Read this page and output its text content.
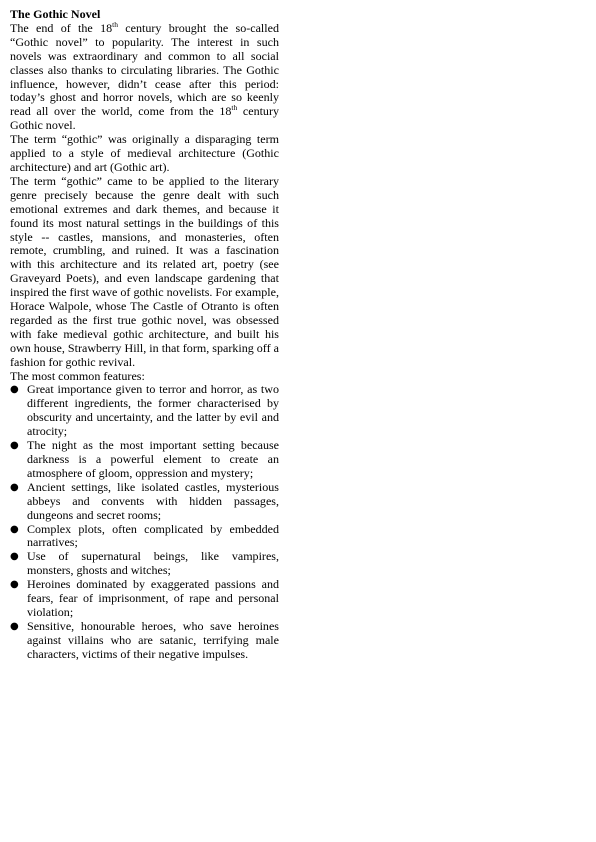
The Gothic Novel

The end of the 18th century brought the so-called “Gothic novel” to popularity. The interest in such novels was extraordinary and common to all social classes also thanks to circulating libraries. The Gothic influence, however, didn’t cease after this period: today’s ghost and horror novels, which are so keenly read all over the world, come from the 18th century Gothic novel.

The term “gothic” was originally a disparaging term applied to a style of medieval architecture (Gothic architecture) and art (Gothic art).

The term “gothic” came to be applied to the literary genre precisely because the genre dealt with such emotional extremes and dark themes, and because it found its most natural settings in the buildings of this style -- castles, mansions, and monasteries, often remote, crumbling, and ruined. It was a fascination with this architecture and its related art, poetry (see Graveyard Poets), and even landscape gardening that inspired the first wave of gothic novelists. For example, Horace Walpole, whose The Castle of Otranto is often regarded as the first true gothic novel, was obsessed with fake medieval gothic architecture, and built his own house, Strawberry Hill, in that form, sparking off a fashion for gothic revival.

The most common features:

● Great importance given to terror and horror, as two different ingredients, the former characterised by obscurity and uncertainty, and the latter by evil and atrocity;
● The night as the most important setting because darkness is a powerful element to create an atmosphere of gloom, oppression and mystery;
● Ancient settings, like isolated castles, mysterious abbeys and convents with hidden passages, dungeons and secret rooms;
● Complex plots, often complicated by embedded narratives;
● Use of supernatural beings, like vampires, monsters, ghosts and witches;
● Heroines dominated by exaggerated passions and fears, fear of imprisonment, of rape and personal violation;
● Sensitive, honourable heroes, who save heroines against villains who are satanic, terrifying male characters, victims of their negative impulses.
